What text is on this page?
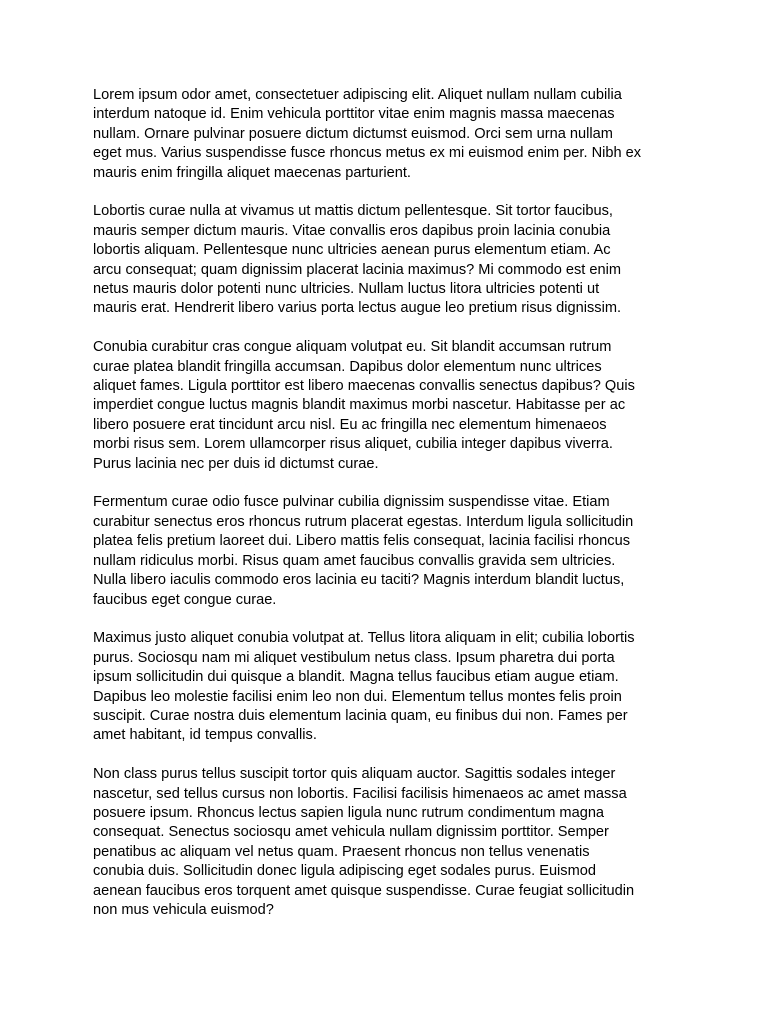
Lorem ipsum odor amet, consectetuer adipiscing elit. Aliquet nullam nullam cubilia
interdum natoque id. Enim vehicula porttitor vitae enim magnis massa maecenas
nullam. Ornare pulvinar posuere dictum dictumst euismod. Orci sem urna nullam
eget mus. Varius suspendisse fusce rhoncus metus ex mi euismod enim per. Nibh ex
mauris enim fringilla aliquet maecenas parturient.

Lobortis curae nulla at vivamus ut mattis dictum pellentesque. Sit tortor faucibus,
mauris semper dictum mauris. Vitae convallis eros dapibus proin lacinia conubia
lobortis aliquam. Pellentesque nunc ultricies aenean purus elementum etiam. Ac
arcu consequat; quam dignissim placerat lacinia maximus? Mi commodo est enim
netus mauris dolor potenti nunc ultricies. Nullam luctus litora ultricies potenti ut
mauris erat. Hendrerit libero varius porta lectus augue leo pretium risus dignissim.

Conubia curabitur cras congue aliquam volutpat eu. Sit blandit accumsan rutrum
curae platea blandit fringilla accumsan. Dapibus dolor elementum nunc ultrices
aliquet fames. Ligula porttitor est libero maecenas convallis senectus dapibus? Quis
imperdiet congue luctus magnis blandit maximus morbi nascetur. Habitasse per ac
libero posuere erat tincidunt arcu nisl. Eu ac fringilla nec elementum himenaeos
morbi risus sem. Lorem ullamcorper risus aliquet, cubilia integer dapibus viverra.
Purus lacinia nec per duis id dictumst curae.

Fermentum curae odio fusce pulvinar cubilia dignissim suspendisse vitae. Etiam
curabitur senectus eros rhoncus rutrum placerat egestas. Interdum ligula sollicitudin
platea felis pretium laoreet dui. Libero mattis felis consequat, lacinia facilisi rhoncus
nullam ridiculus morbi. Risus quam amet faucibus convallis gravida sem ultricies.
Nulla libero iaculis commodo eros lacinia eu taciti? Magnis interdum blandit luctus,
faucibus eget congue curae.

Maximus justo aliquet conubia volutpat at. Tellus litora aliquam in elit; cubilia lobortis
purus. Sociosqu nam mi aliquet vestibulum netus class. Ipsum pharetra dui porta
ipsum sollicitudin dui quisque a blandit. Magna tellus faucibus etiam augue etiam.
Dapibus leo molestie facilisi enim leo non dui. Elementum tellus montes felis proin
suscipit. Curae nostra duis elementum lacinia quam, eu finibus dui non. Fames per
amet habitant, id tempus convallis.

Non class purus tellus suscipit tortor quis aliquam auctor. Sagittis sodales integer
nascetur, sed tellus cursus non lobortis. Facilisi facilisis himenaeos ac amet massa
posuere ipsum. Rhoncus lectus sapien ligula nunc rutrum condimentum magna
consequat. Senectus sociosqu amet vehicula nullam dignissim porttitor. Semper
penatibus ac aliquam vel netus quam. Praesent rhoncus non tellus venenatis
conubia duis. Sollicitudin donec ligula adipiscing eget sodales purus. Euismod
aenean faucibus eros torquent amet quisque suspendisse. Curae feugiat sollicitudin
non mus vehicula euismod?
